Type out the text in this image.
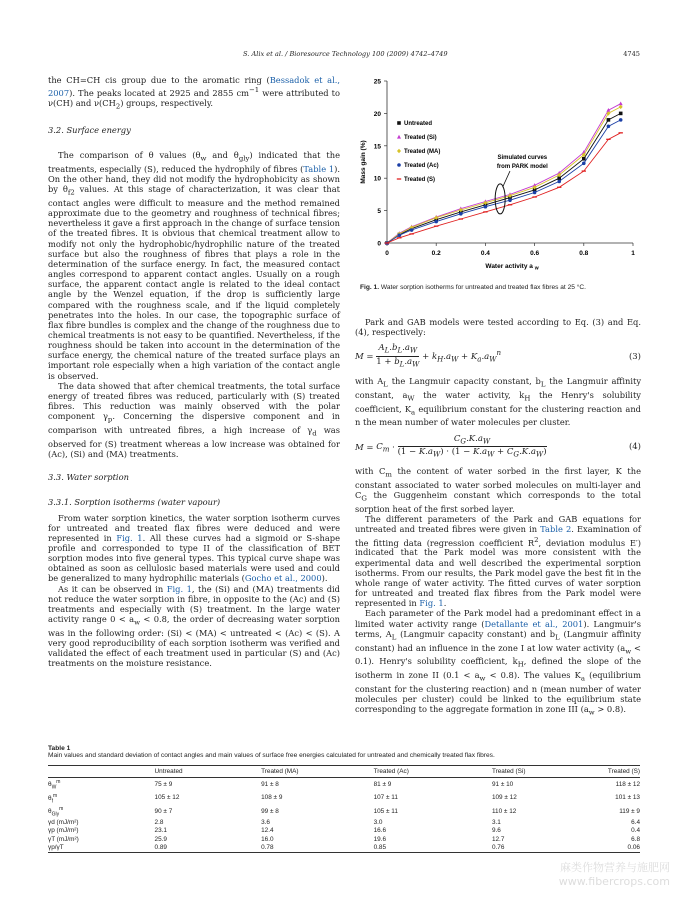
S. Alix et al. / Bioresource Technology 100 (2009) 4742–4749	4745

the CH=CH cis group due to the aromatic ring (Bessadok et al., 2007). The peaks located at 2925 and 2855 $cm^{-1}$ were attributed to ν(CH) and $\nu(CH_2)$ groups, respectively.

3.2. Surface energy

The comparison of θ values ($\theta_w$ and $\theta_{gly}$) indicated that the treatments, especially (S), reduced the hydrophily of fibres (Table 1). On the other hand, they did not modify the hydrophobicity as shown by $\theta_{f2}$ values. At this stage of characterization, it was clear that contact angles were difficult to measure and the method remained approximate due to the geometry and roughness of technical fibres; nevertheless it gave a first approach in the change of surface tension of the treated fibres. It is obvious that chemical treatment allow to modify not only the hydrophobic/hydrophilic nature of the treated surface but also the roughness of fibres that plays a role in the determination of the surface energy. In fact, the measured contact angles correspond to apparent contact angles. Usually on a rough surface, the apparent contact angle is related to the ideal contact angle by the Wenzel equation, if the drop is sufficiently large compared with the roughness scale, and if the liquid completely penetrates into the holes. In our case, the topographic surface of flax fibre bundles is complex and the change of the roughness due to chemical treatments is not easy to be quantified. Nevertheless, if the roughness should be taken into account in the determination of the surface energy, the chemical nature of the treated surface plays an important role especially when a high variation of the contact angle is observed.

The data showed that after chemical treatments, the total surface energy of treated fibres was reduced, particularly with (S) treated fibres. This reduction was mainly observed with the polar component $\gamma_p$. Concerning the dispersive component and in comparison with untreated fibres, a high increase of $\gamma_d$ was observed for (S) treatment whereas a low increase was obtained for (Ac), (Si) and (MA) treatments.

3.3. Water sorption

3.3.1. Sorption isotherms (water vapour)

From water sorption kinetics, the water sorption isotherm curves for untreated and treated flax fibres were deduced and were represented in Fig. 1. All these curves had a sigmoid or S-shape profile and corresponded to type II of the classification of BET sorption modes into five general types. This typical curve shape was obtained as soon as cellulosic based materials were used and could be generalized to many hydrophilic materials (Gocho et al., 2000).

As it can be observed in Fig. 1, the (Si) and (MA) treatments did not reduce the water sorption in fibre, in opposite to the (Ac) and (S) treatments and especially with (S) treatment. In the large water activity range $0 < a_w < 0.8$, the order of decreasing water sorption was in the following order: (Si) < (MA) < untreated < (Ac) < (S). A very good reproducibility of each sorption isotherm was verified and validated the effect of each treatment used in particular (S) and (Ac) treatments on the moisture resistance.

0
5
10
15
20
25
0	0.2	0.4	0.6	0.8	1
Water activity a $_w$
Mass gain (%)
Untreated
Treated (Si)
Treated (MA)
Treated (Ac)
Treated (S)
Simulated curves
from PARK model
Fig. 1. Water sorption isotherms for untreated and treated flax fibres at 25 °C.

Park and GAB models were tested according to Eq. (3) and Eq. (4), respectively:

$M = \frac{A_L.b_L.a_W}{1 + b_L.a_W} + k_H.a_W + K_a.a_W^n$	(3)

with $A_L$ the Langmuir capacity constant, $b_L$ the Langmuir affinity constant, $a_W$ the water activity, $k_H$ the Henry's solubility coefficient, $K_a$ equilibrium constant for the clustering reaction and n the mean number of water molecules per cluster.

$M = C_m \cdot \frac{C_G.K.a_W}{(1 - K.a_W) \cdot (1 - K.a_W + C_G.K.a_W)}$	(4)

with $C_m$ the content of water sorbed in the first layer, K the constant associated to water sorbed molecules on multi-layer and $C_G$ the Guggenheim constant which corresponds to the total sorption heat of the first sorbed layer.

The different parameters of the Park and GAB equations for untreated and treated fibres were given in Table 2. Examination of the fitting data (regression coefficient $R^2$, deviation modulus E′) indicated that the Park model was more consistent with the experimental data and well described the experimental sorption isotherms. From our results, the Park model gave the best fit in the whole range of water activity. The fitted curves of water sorption for untreated and treated flax fibres from the Park model were represented in Fig. 1.

Each parameter of the Park model had a predominant effect in a limited water activity range (Detallante et al., 2001). Langmuir's terms, $A_L$ (Langmuir capacity constant) and $b_L$ (Langmuir affinity constant) had an influence in the zone I at low water activity $(a_w < 0.1)$. Henry's solubility coefficient, $k_H$, defined the slope of the isotherm in zone II $(0.1 < a_w < 0.8)$. The values $K_a$ (equilibrium constant for the clustering reaction) and n (mean number of water molecules per cluster) could be linked to the equilibrium state corresponding to the aggregate formation in zone III $(a_w > 0.8)$.

Table 1
Main values and standard deviation of contact angles and main values of surface free energies calculated for untreated and chemically treated flax fibres.
	Untreated	Treated (MA)	Treated (Ac)	Treated (Si)	Treated (S)
$\theta_W^m$	75 ± 9	91 ± 8	81 ± 9	91 ± 10	118 ± 12
$\theta_f^m$	105 ± 12	108 ± 9	107 ± 11	109 ± 12	101 ± 13
$\theta_{Gly}^m$	90 ± 7	99 ± 8	105 ± 11	110 ± 12	119 ± 9
γd (mJ/m²)	2.8	3.6	3.0	3.1	6.4
γp (mJ/m²)	23.1	12.4	16.6	9.6	0.4
γT (mJ/m²)	25.9	16.0	19.6	12.7	6.8
γp/γT	0.89	0.78	0.85	0.76	0.06
麻类作物营养与施肥网
www.fibercrops.com
